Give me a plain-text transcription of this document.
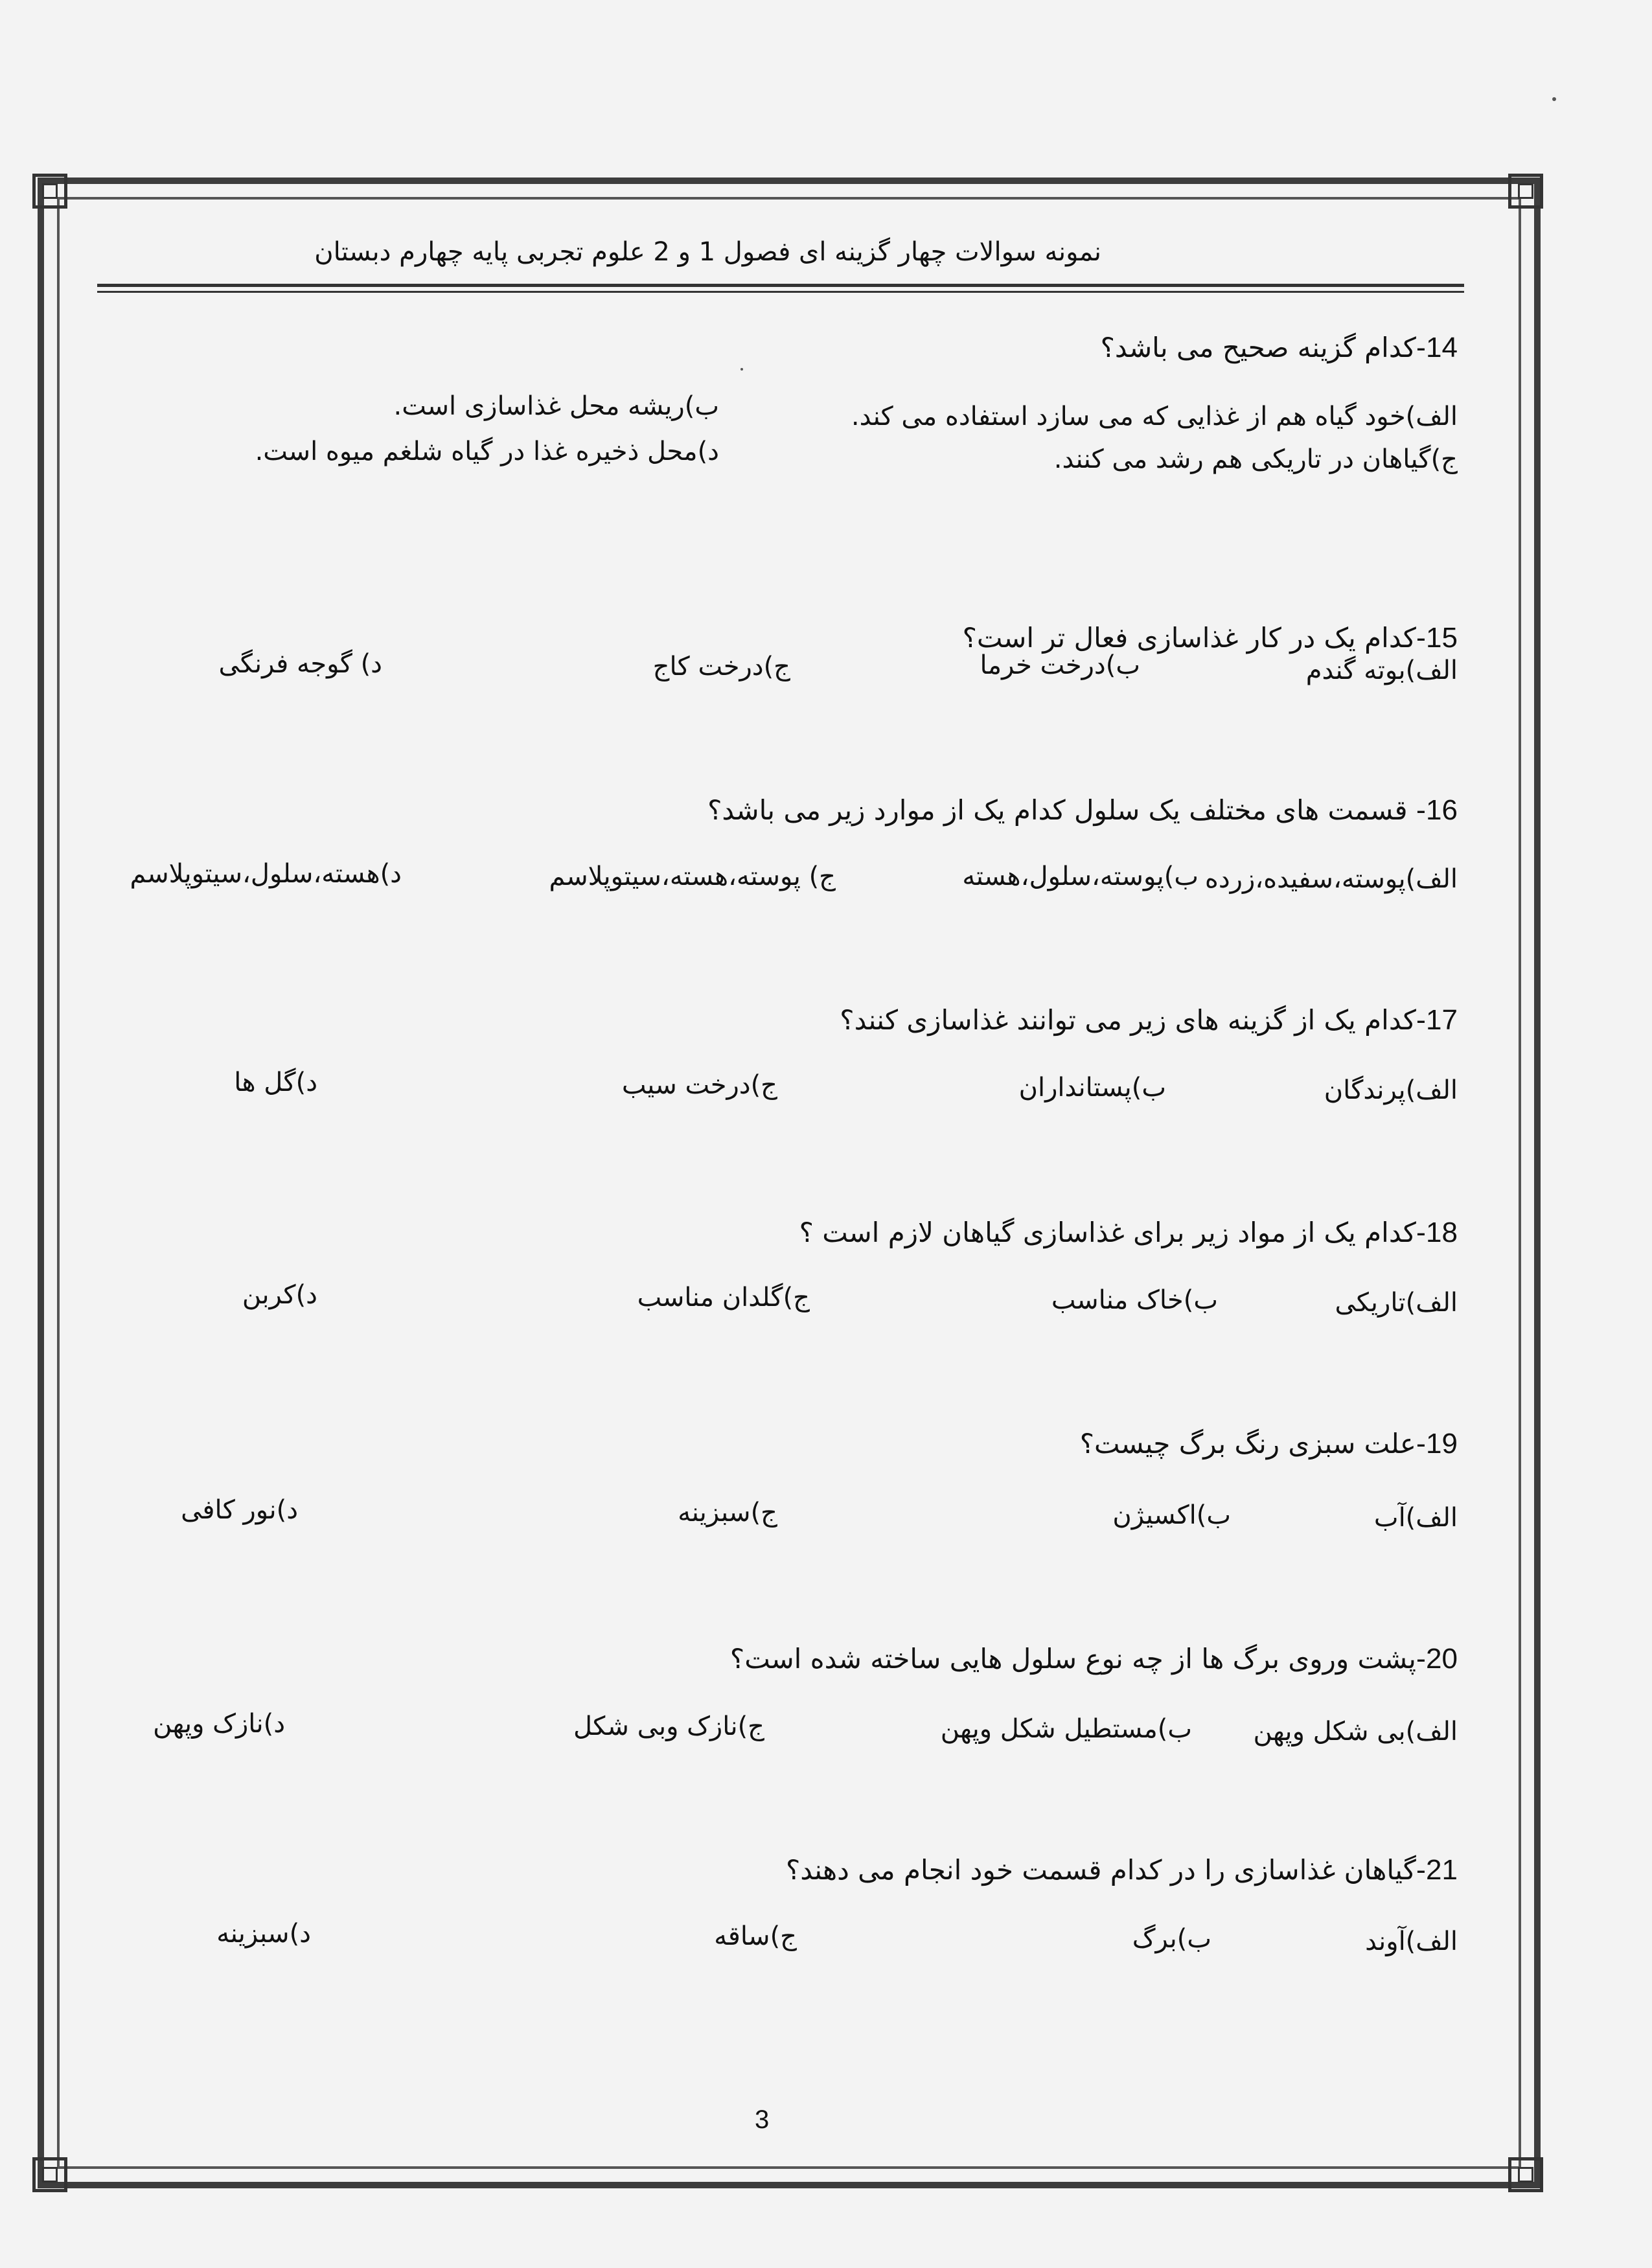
نمونه سوالات چهار گزینه ای فصول 1 و 2 علوم تجربی پایه چهارم دبستان
14-کدام گزینه صحیح می باشد؟
الف)خود گیاه هم از غذایی که می سازد استفاده می کند.
ب)ریشه محل غذاسازی است.
ج)گیاهان در تاریکی هم رشد می کنند.
د)محل ذخیره غذا در گیاه شلغم میوه است.
15-کدام یک در کار غذاسازی فعال تر است؟
الف)بوته گندم
ب)درخت خرما
ج)درخت کاج
د) گوجه فرنگی
16- قسمت های مختلف یک سلول کدام یک از موارد زیر می باشد؟
الف)پوسته،سفیده،زرده
ب)پوسته،سلول،هسته
ج) پوسته،هسته،سیتوپلاسم
د)هسته،سلول،سیتوپلاسم
17-کدام یک از گزینه های زیر می توانند غذاسازی کنند؟
الف)پرندگان
ب)پستانداران
ج)درخت سیب
د)گل ها
18-کدام یک از مواد زیر برای غذاسازی گیاهان لازم است ؟
الف)تاریکی
ب)خاک مناسب
ج)گلدان مناسب
د)کربن
19-علت سبزی رنگ برگ چیست؟
الف)آب
ب)اکسیژن
ج)سبزینه
د)نور کافی
20-پشت وروی برگ ها از چه نوع سلول هایی ساخته شده است؟
الف)بی شکل وپهن
ب)مستطیل شکل وپهن
ج)نازک وبی شکل
د)نازک وپهن
21-گیاهان غذاسازی را در کدام قسمت خود انجام می دهند؟
الف)آوند
ب)برگ
ج)ساقه
د)سبزینه
3
